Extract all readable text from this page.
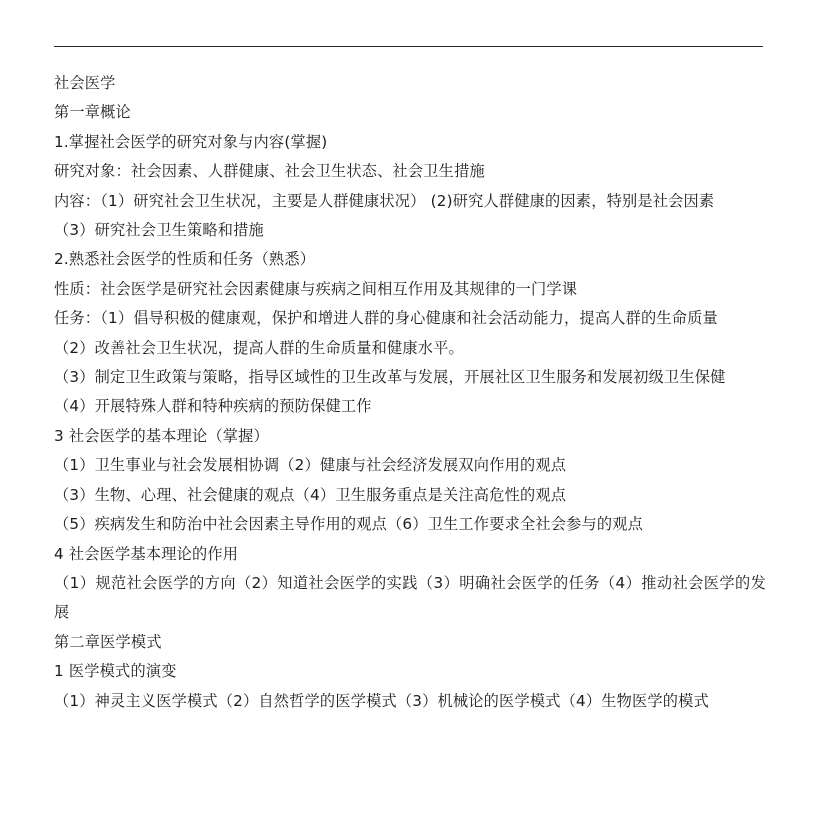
社会医学
第一章概论
1.掌握社会医学的研究对象与内容(掌握)
研究对象：社会因素、人群健康、社会卫生状态、社会卫生措施
内容：（1）研究社会卫生状况，主要是人群健康状况） (2)研究人群健康的因素，特别是社会因素
（3）研究社会卫生策略和措施
2.熟悉社会医学的性质和任务（熟悉）
性质：社会医学是研究社会因素健康与疾病之间相互作用及其规律的一门学课
任务：（1）倡导积极的健康观，保护和增进人群的身心健康和社会活动能力，提高人群的生命质量
（2）改善社会卫生状况，提高人群的生命质量和健康水平。
（3）制定卫生政策与策略，指导区域性的卫生改革与发展，开展社区卫生服务和发展初级卫生保健
（4）开展特殊人群和特种疾病的预防保健工作
3 社会医学的基本理论（掌握）
（1）卫生事业与社会发展相协调（2）健康与社会经济发展双向作用的观点
（3）生物、心理、社会健康的观点（4）卫生服务重点是关注高危性的观点
（5）疾病发生和防治中社会因素主导作用的观点（6）卫生工作要求全社会参与的观点
4 社会医学基本理论的作用
（1）规范社会医学的方向（2）知道社会医学的实践（3）明确社会医学的任务（4）推动社会医学的发展
第二章医学模式
1 医学模式的演变
（1）神灵主义医学模式（2）自然哲学的医学模式（3）机械论的医学模式（4）生物医学的模式
